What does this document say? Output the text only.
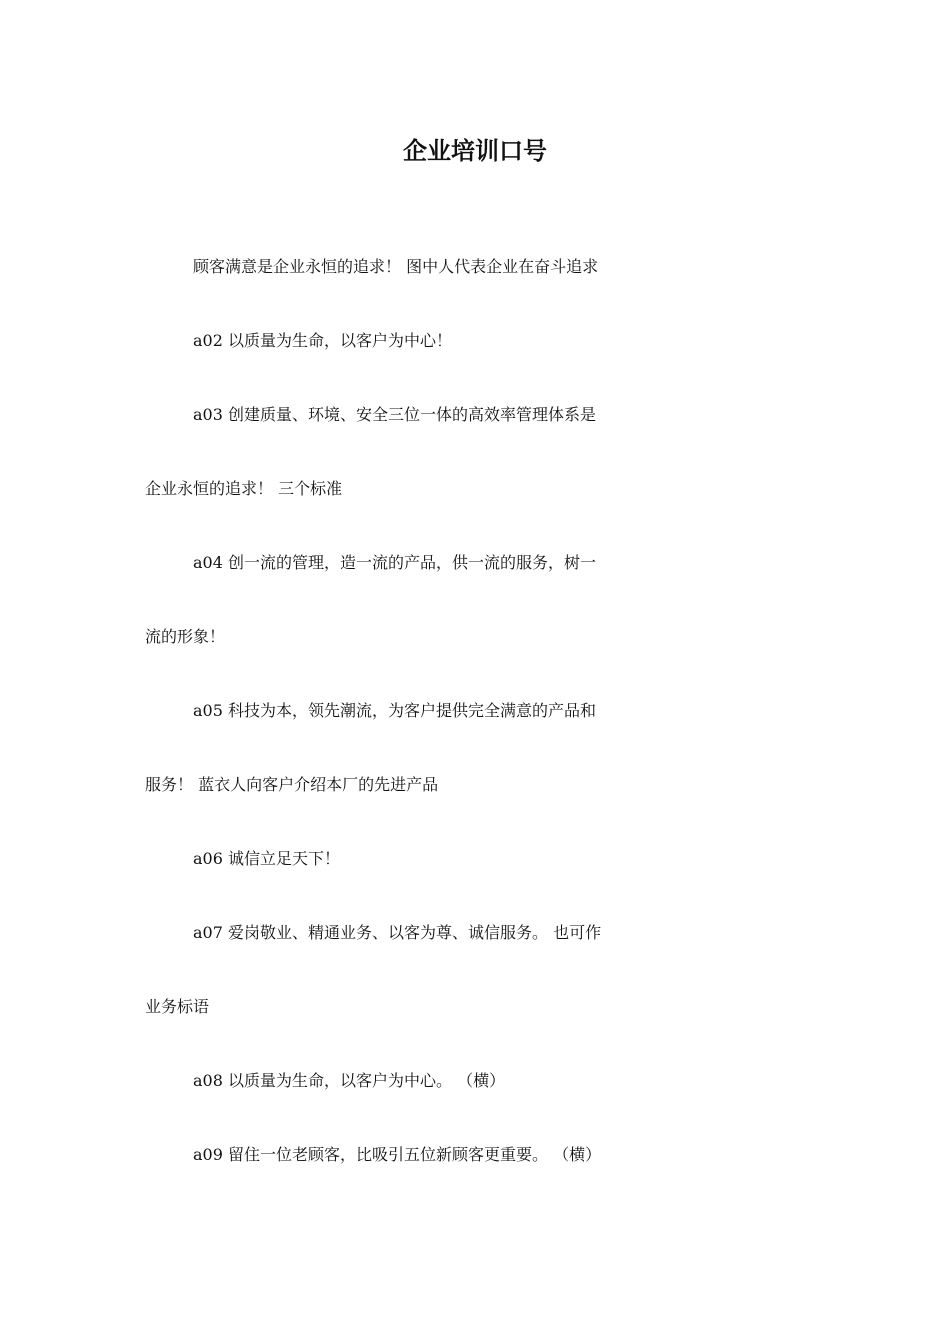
企业培训口号
顾客满意是企业永恒的追求！ 图中人代表企业在奋斗追求
a02 以质量为生命，以客户为中心！
a03 创建质量、环境、安全三位一体的高效率管理体系是
企业永恒的追求！ 三个标准
a04 创一流的管理，造一流的产品，供一流的服务，树一
流的形象！
a05 科技为本，领先潮流，为客户提供完全满意的产品和
服务！ 蓝衣人向客户介绍本厂的先进产品
a06 诚信立足天下！
a07 爱岗敬业、精通业务、以客为尊、诚信服务。 也可作
业务标语
a08 以质量为生命，以客户为中心。 （横）
a09 留住一位老顾客，比吸引五位新顾客更重要。 （横）
